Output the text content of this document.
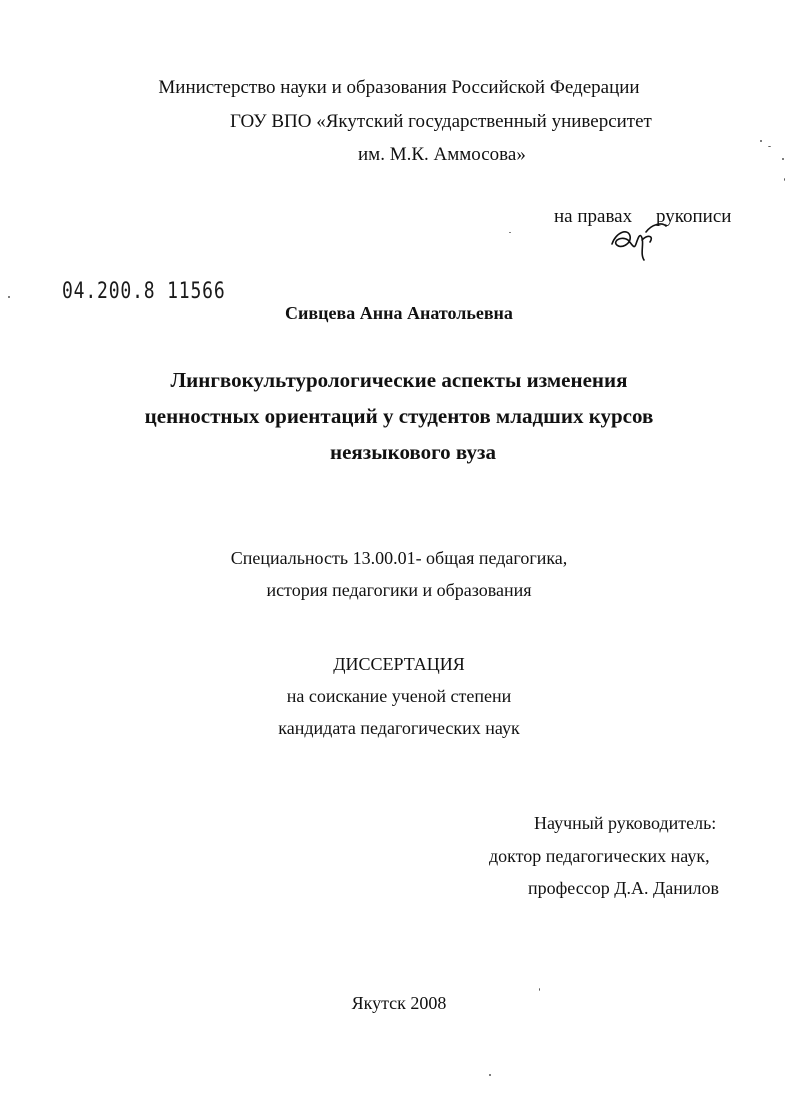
Министерство науки и образования Российской Федерации
ГОУ ВПО «Якутский государственный университет
им. М.К. Аммосова»
на правах рукописи
04.200.8 11566
Сивцева Анна Анатольевна
Лингвокультурологические аспекты изменения
ценностных ориентаций у студентов младших курсов
неязыкового вуза
Специальность 13.00.01- общая педагогика,
история педагогики и образования
ДИССЕРТАЦИЯ
на соискание ученой степени
кандидата педагогических наук
Научный руководитель:
доктор педагогических наук,
профессор Д.А. Данилов
Якутск 2008
